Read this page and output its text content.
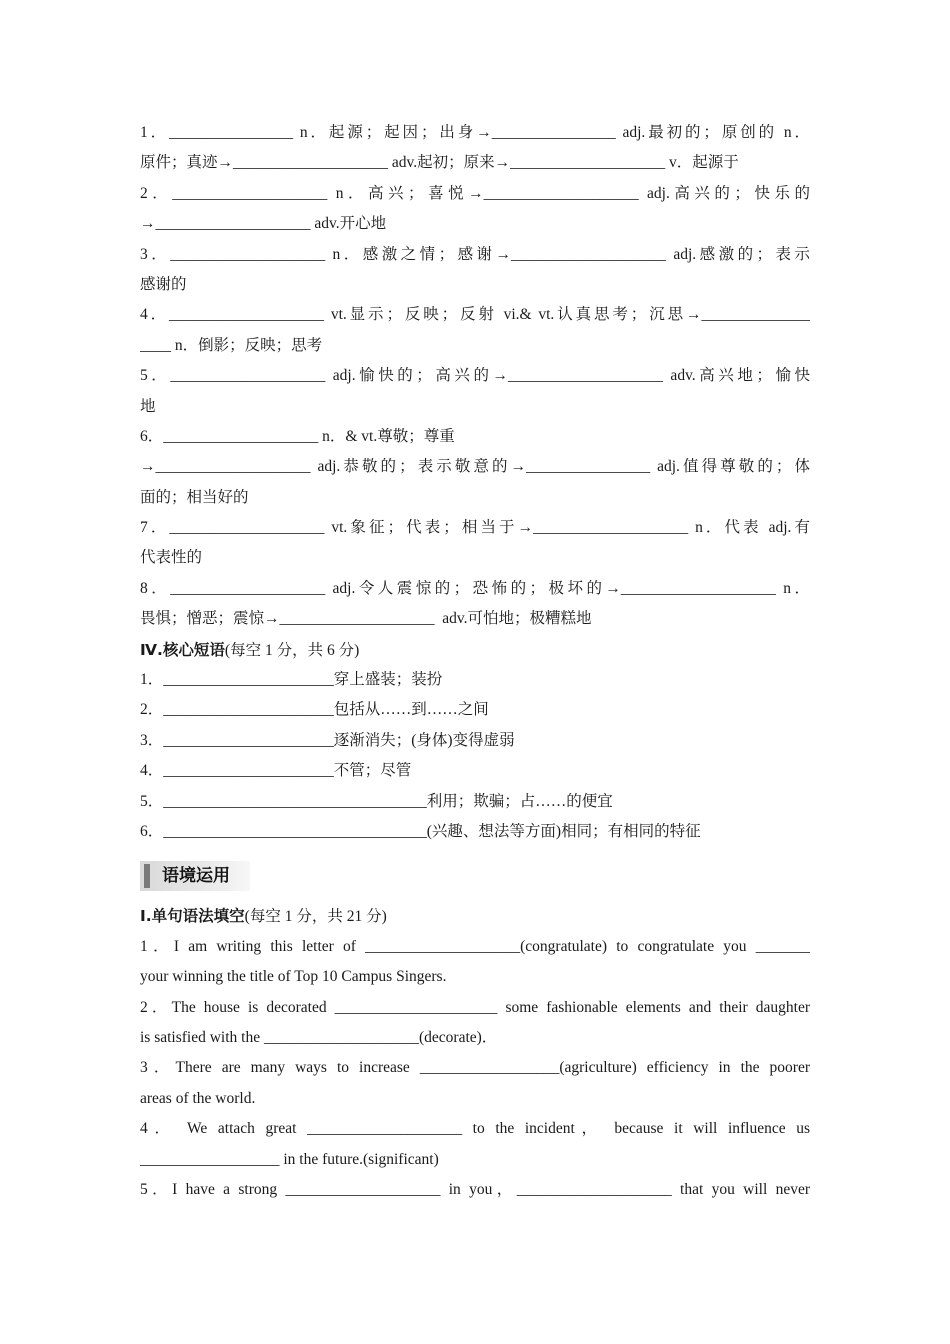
1．________________ n．起源；起因；出身→________________ adj.最初的；原创的 n．
原件；真迹→____________________ adv.起初；原来→____________________ v．起源于
2．____________________ n．高兴；喜悦→____________________ adj.高兴的；快乐的
→____________________ adv.开心地
3．____________________ n．感激之情；感谢→____________________ adj.感激的；表示
感谢的
4．____________________ vt.显示；反映；反射 vi.& vt.认真思考；沉思→______________
____ n．倒影；反映；思考
5．____________________ adj.愉快的；高兴的→____________________ adv.高兴地；愉快
地
6．____________________ n．& vt.尊敬；尊重
→____________________ adj.恭敬的；表示敬意的→________________ adj.值得尊敬的；体
面的；相当好的
7．____________________ vt.象征；代表；相当于→____________________ n．代表 adj.有
代表性的
8．____________________ adj.令人震惊的；恐怖的；极坏的→____________________ n．
畏惧；憎恶；震惊→____________________  adv.可怕地；极糟糕地
Ⅳ.核心短语(每空 1 分，共 6 分)
1．______________________穿上盛装；装扮
2．______________________包括从……到……之间
3．______________________逐渐消失；(身体)变得虚弱
4．______________________不管；尽管
5．__________________________________利用；欺骗；占……的便宜
6．__________________________________(兴趣、想法等方面)相同；有相同的特征
语境运用
Ⅰ.单句语法填空(每空 1 分，共 21 分)
1．I am writing this letter of ____________________(congratulate) to congratulate you _______
your winning the title of Top 10 Campus Singers.
2．The house is decorated _____________________ some fashionable elements and their daughter
is satisfied with the ____________________(decorate)．
3．There are many ways to increase __________________(agriculture) efficiency in the poorer
areas of the world.
4． We attach great ____________________ to the incident， because it will influence us
__________________ in the future.(significant)
5．I have a strong ____________________ in you，____________________ that you will never
